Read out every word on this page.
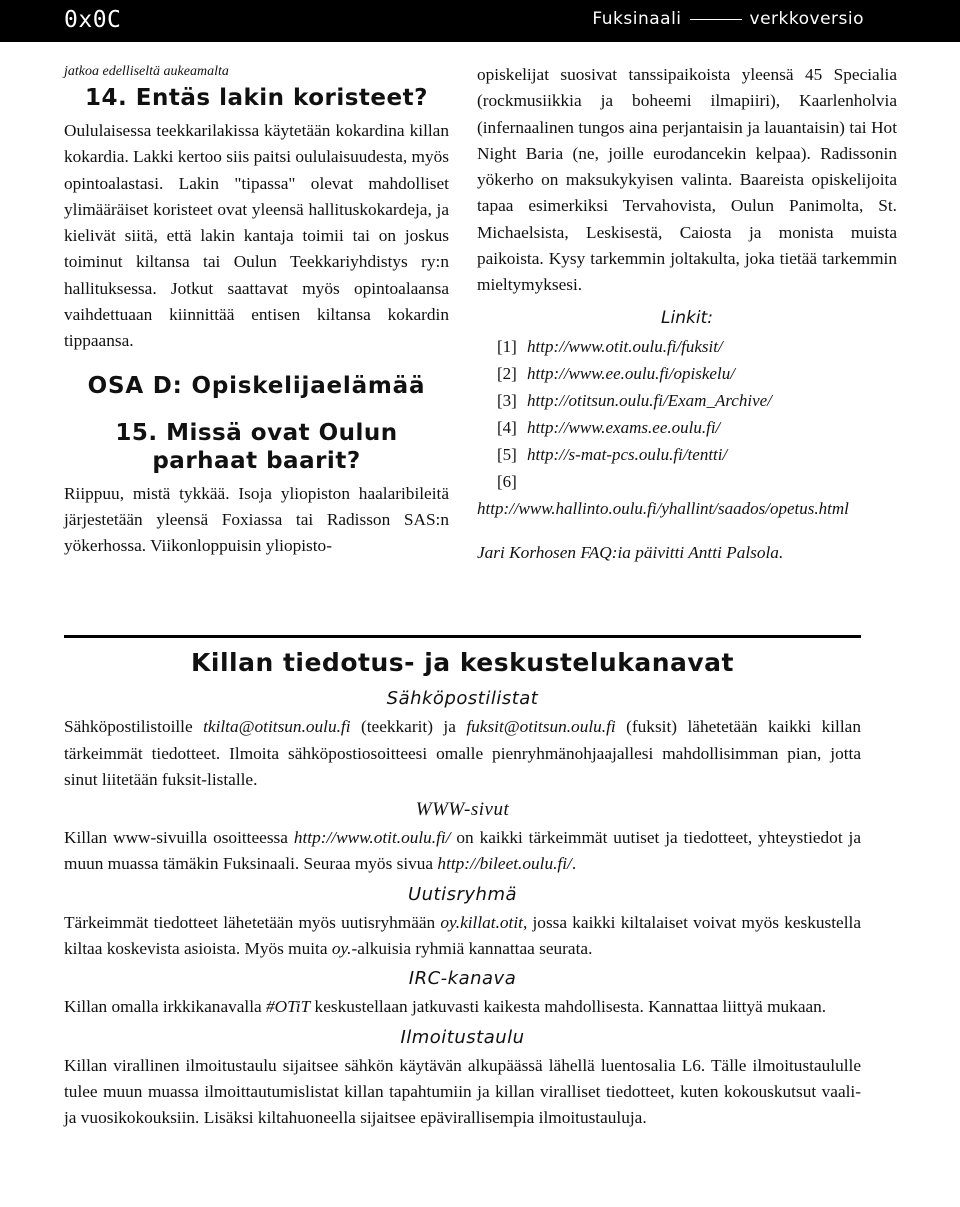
0x0C	Fuksinaali	verkkoversio

jatkoa edelliseltä aukeamalta

14. Entäs lakin koristeet?

Oululaisessa teekkarilakissa käytetään kokardina killan kokardia. Lakki kertoo siis paitsi oululaisuudesta, myös opintoalastasi. Lakin "tipassa" olevat mahdolliset ylimääräiset koristeet ovat yleensä hallituskokardeja, ja kielivät siitä, että lakin kantaja toimii tai on joskus toiminut kiltansa tai Oulun Teekkariyhdistys ry:n hallituksessa. Jotkut saattavat myös opintoalaansa vaihdettuaan kiinnittää entisen kiltansa kokardin tippaansa.

OSA D: Opiskelijaelämää
15. Missä ovat Oulun parhaat baarit?

Riippuu, mistä tykkää. Isoja yliopiston haalaribileitä järjestetään yleensä Foxiassa tai Radisson SAS:n yökerhossa. Viikonloppuisin yliopisto-

opiskelijat suosivat tanssipaikoista yleensä 45 Specialia (rockmusiikkia ja boheemi ilmapiiri), Kaarlenholvia (infernaalinen tungos aina perjantaisin ja lauantaisin) tai Hot Night Baria (ne, joille eurodancekin kelpaa). Radissonin yökerho on maksukykyisen valinta. Baareista opiskelijoita tapaa esimerkiksi Tervahovista, Oulun Panimolta, St. Michaelsista, Leskisestä, Caiosta ja monista muista paikoista. Kysy tarkemmin joltakulta, joka tietää tarkemmin mieltymyksesi.

Linkit:
[1] http://www.otit.oulu.fi/fuksit/
[2] http://www.ee.oulu.fi/opiskelu/
[3] http://otitsun.oulu.fi/Exam_Archive/
[4] http://www.exams.ee.oulu.fi/
[5] http://s-mat-pcs.oulu.fi/tentti/
[6]http://www.hallinto.oulu.fi/yhallint/saados/opetus.html

Jari Korhosen FAQ:ia päivitti Antti Palsola.

Killan tiedotus- ja keskustelukanavat
Sähköpostilistat

Sähköpostilistoille tkilta@otitsun.oulu.fi (teekkarit) ja fuksit@otitsun.oulu.fi (fuksit) lähetetään kaikki killan tärkeimmät tiedotteet. Ilmoita sähköpostiosoitteesi omalle pienryhmänohjaajallesi mahdollisimman pian, jotta sinut liitetään fuksit-listalle.

WWW-sivut

Killan www-sivuilla osoitteessa http://www.otit.oulu.fi/ on kaikki tärkeimmät uutiset ja tiedotteet, yhteystiedot ja muun muassa tämäkin Fuksinaali. Seuraa myös sivua http://bileet.oulu.fi/.

Uutisryhmä

Tärkeimmät tiedotteet lähetetään myös uutisryhmään oy.killat.otit, jossa kaikki kiltalaiset voivat myös keskustella kiltaa koskevista asioista. Myös muita oy.-alkuisia ryhmiä kannattaa seurata.

IRC-kanava

Killan omalla irkkikanavalla #OTiT keskustellaan jatkuvasti kaikesta mahdollisesta. Kannattaa liittyä mukaan.

Ilmoitustaulu

Killan virallinen ilmoitustaulu sijaitsee sähkön käytävän alkupäässä lähellä luentosalia L6. Tälle ilmoitustaululle tulee muun muassa ilmoittautumislistat killan tapahtumiin ja killan viralliset tiedotteet, kuten kokouskutsut vaali- ja vuosikokouksiin. Lisäksi kiltahuoneella sijaitsee epävirallisempia ilmoitustauluja.
